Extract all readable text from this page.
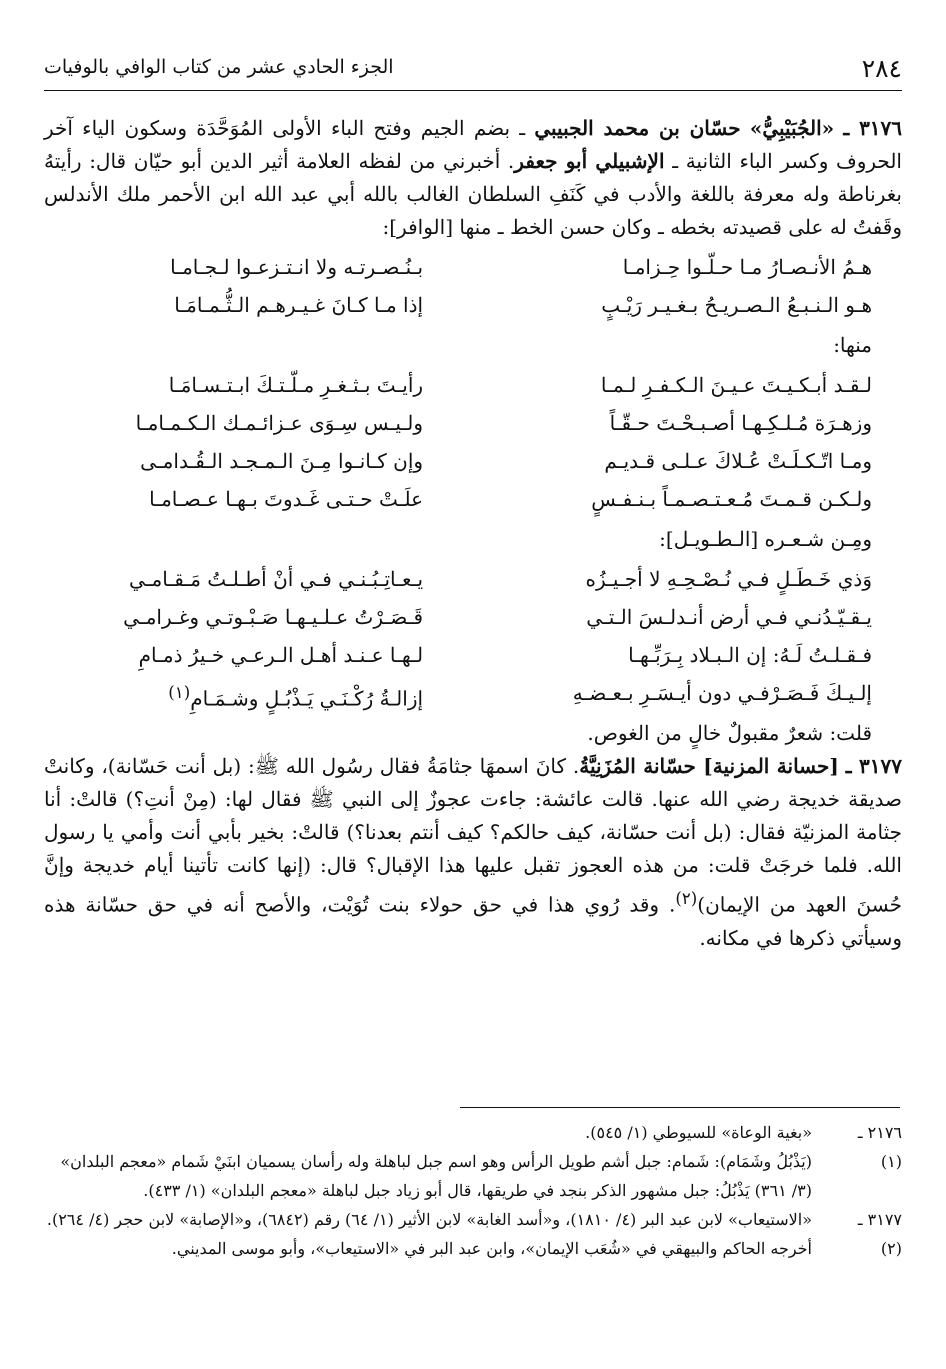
٢٨٤
الجزء الحادي عشر من كتاب الوافي بالوفيات

٣١٧٦ ـ «الجُبَيْبِيُّ» حسّان بن محمد الجبيبي ـ بضم الجيم وفتح الباء الأولى المُوَحَّدَة وسكون الياء آخر الحروف وكسر الباء الثانية ـ الإشبيلي أبو جعفر. أخبرني من لفظه العلامة أثير الدين أبو حيّان قال: رأيتهُ بغرناطة وله معرفة باللغة والأدب في كَنَفِ السلطان الغالب بالله أبي عبد الله ابن الأحمر ملك الأندلس وقَفتُ له على قصيدته بخطه ـ وكان حسن الخط ـ منها [الوافر]:

هـمُ الأنـصـارُ مـا حـلّـوا حِـزامـا
بـنُـصـرتـه ولا انـتـزعـوا لـجـامـا
هـو الـنـبـعُ الـصـريـحُ بـغـيـر رَيْـبٍ
إذا مـا كـانَ غـيـرهـم الـثُّـمـامَـا
منها:
لـقـد أبـكـيـتَ عـيـنَ الـكـفـرِ لـمـا
رأيـتَ بـثـغـرِ مـلّـتـكَ ابـتـسـامَـا
وزهـرَة مُـلـكِـهـا أصـبـحْـتَ حـقّـاً
ولـيـس سِـوَى عـزائـمـك الـكـمـامـا
ومـا اتّـكـلَـتْ عُـلاكَ عـلـى قـديـم
وإن كـانـوا مِـنَ الـمـجـد الـقُـدامـى
ولـكـن قـمـتَ مُـعـتـصـمـاً بـنـفـسٍ
علَـتْ حـتـى غَـدوتَ بـهـا عـصـامـا
ومِـن شـعـره [الـطـويـل]:
وَذي خَـطَـلٍ فـي نُـصْـحِـهِ لا أجـيـزُه
يـعـاتِـبُـنـي فـي أنْ أطـلـتُ مَـقـامـي
يـقـيّـدُنـي فـي أرض أنـدلـسَ الـتـي
قَـصَـرْتُ عـلـيـهـا صَـبْـوتـي وغـرامـي
فـقـلـتُ لَـهُ: إن الـبـلاد بِـرَبِّـهـا
لـهـا عـنـد أهـل الـرعـي خـيرُ ذمـامِ
إلـيـكَ فَـصَـرْفـي دون أيـسَـرِ بـعـضـهِ
إزالـةُ رُكْـنَـي يَـذْبُـلٍ وشـمَـامِ$^{(١)}$
قلت: شعرٌ مقبولٌ خالٍ من الغوص.

٣١٧٧ ـ [حسانة المزنية] حسّانة المُزَنِيَّةُ. كانَ اسمهَا جثامَةُ فقال رسُول الله ﷺ: (بل أنت حَسّانة)، وكانتْ صديقة خديجة رضي الله عنها. قالت عائشة: جاءت عجوزٌ إلى النبي ﷺ فقال لها: (مِنْ أنتِ؟) قالتْ: أنا جثامة المزنيّة فقال: (بل أنت حسّانة، كيف حالكم؟ كيف أنتم بعدنا؟) قالتْ: بخير بأبي أنت وأمي يا رسول الله. فلما خرجَتْ قلت: من هذه العجوز تقبل عليها هذا الإقبال؟ قال: (إنها كانت تأتينا أيام خديجة وإنَّ حُسنَ العهد من الإيمان)$^{(٢)}$. وقد رُوي هذا في حق حولاء بنت تُوَيْت، والأصح أنه في حق حسّانة هذه وسيأتي ذكرها في مكانه.

٢١٧٦ ـ
«بغية الوعاة» للسيوطي (١/ ٥٤٥).
(١)
(يَذْبُلُ وشَمَام): شَمام: جبل أشم طويل الرأس وهو اسم جبل لباهلة وله رأسان يسميان ابنَيْ شَمام «معجم البلدان» (٣/ ٣٦١) يَذْبُلُ: جبل مشهور الذكر بنجد في طريقها، قال أبو زياد جبل لباهلة «معجم البلدان» (١/ ٤٣٣).
٣١٧٧ ـ
«الاستيعاب» لابن عبد البر (٤/ ١٨١٠)، و«أسد الغابة» لابن الأثير (١/ ٦٤) رقم (٦٨٤٢)، و«الإصابة» لابن حجر (٤/ ٢٦٤).
(٢)
أخرجه الحاكم والبيهقي في «شُعَب الإيمان»، وابن عبد البر في «الاستيعاب»، وأبو موسى المديني.
